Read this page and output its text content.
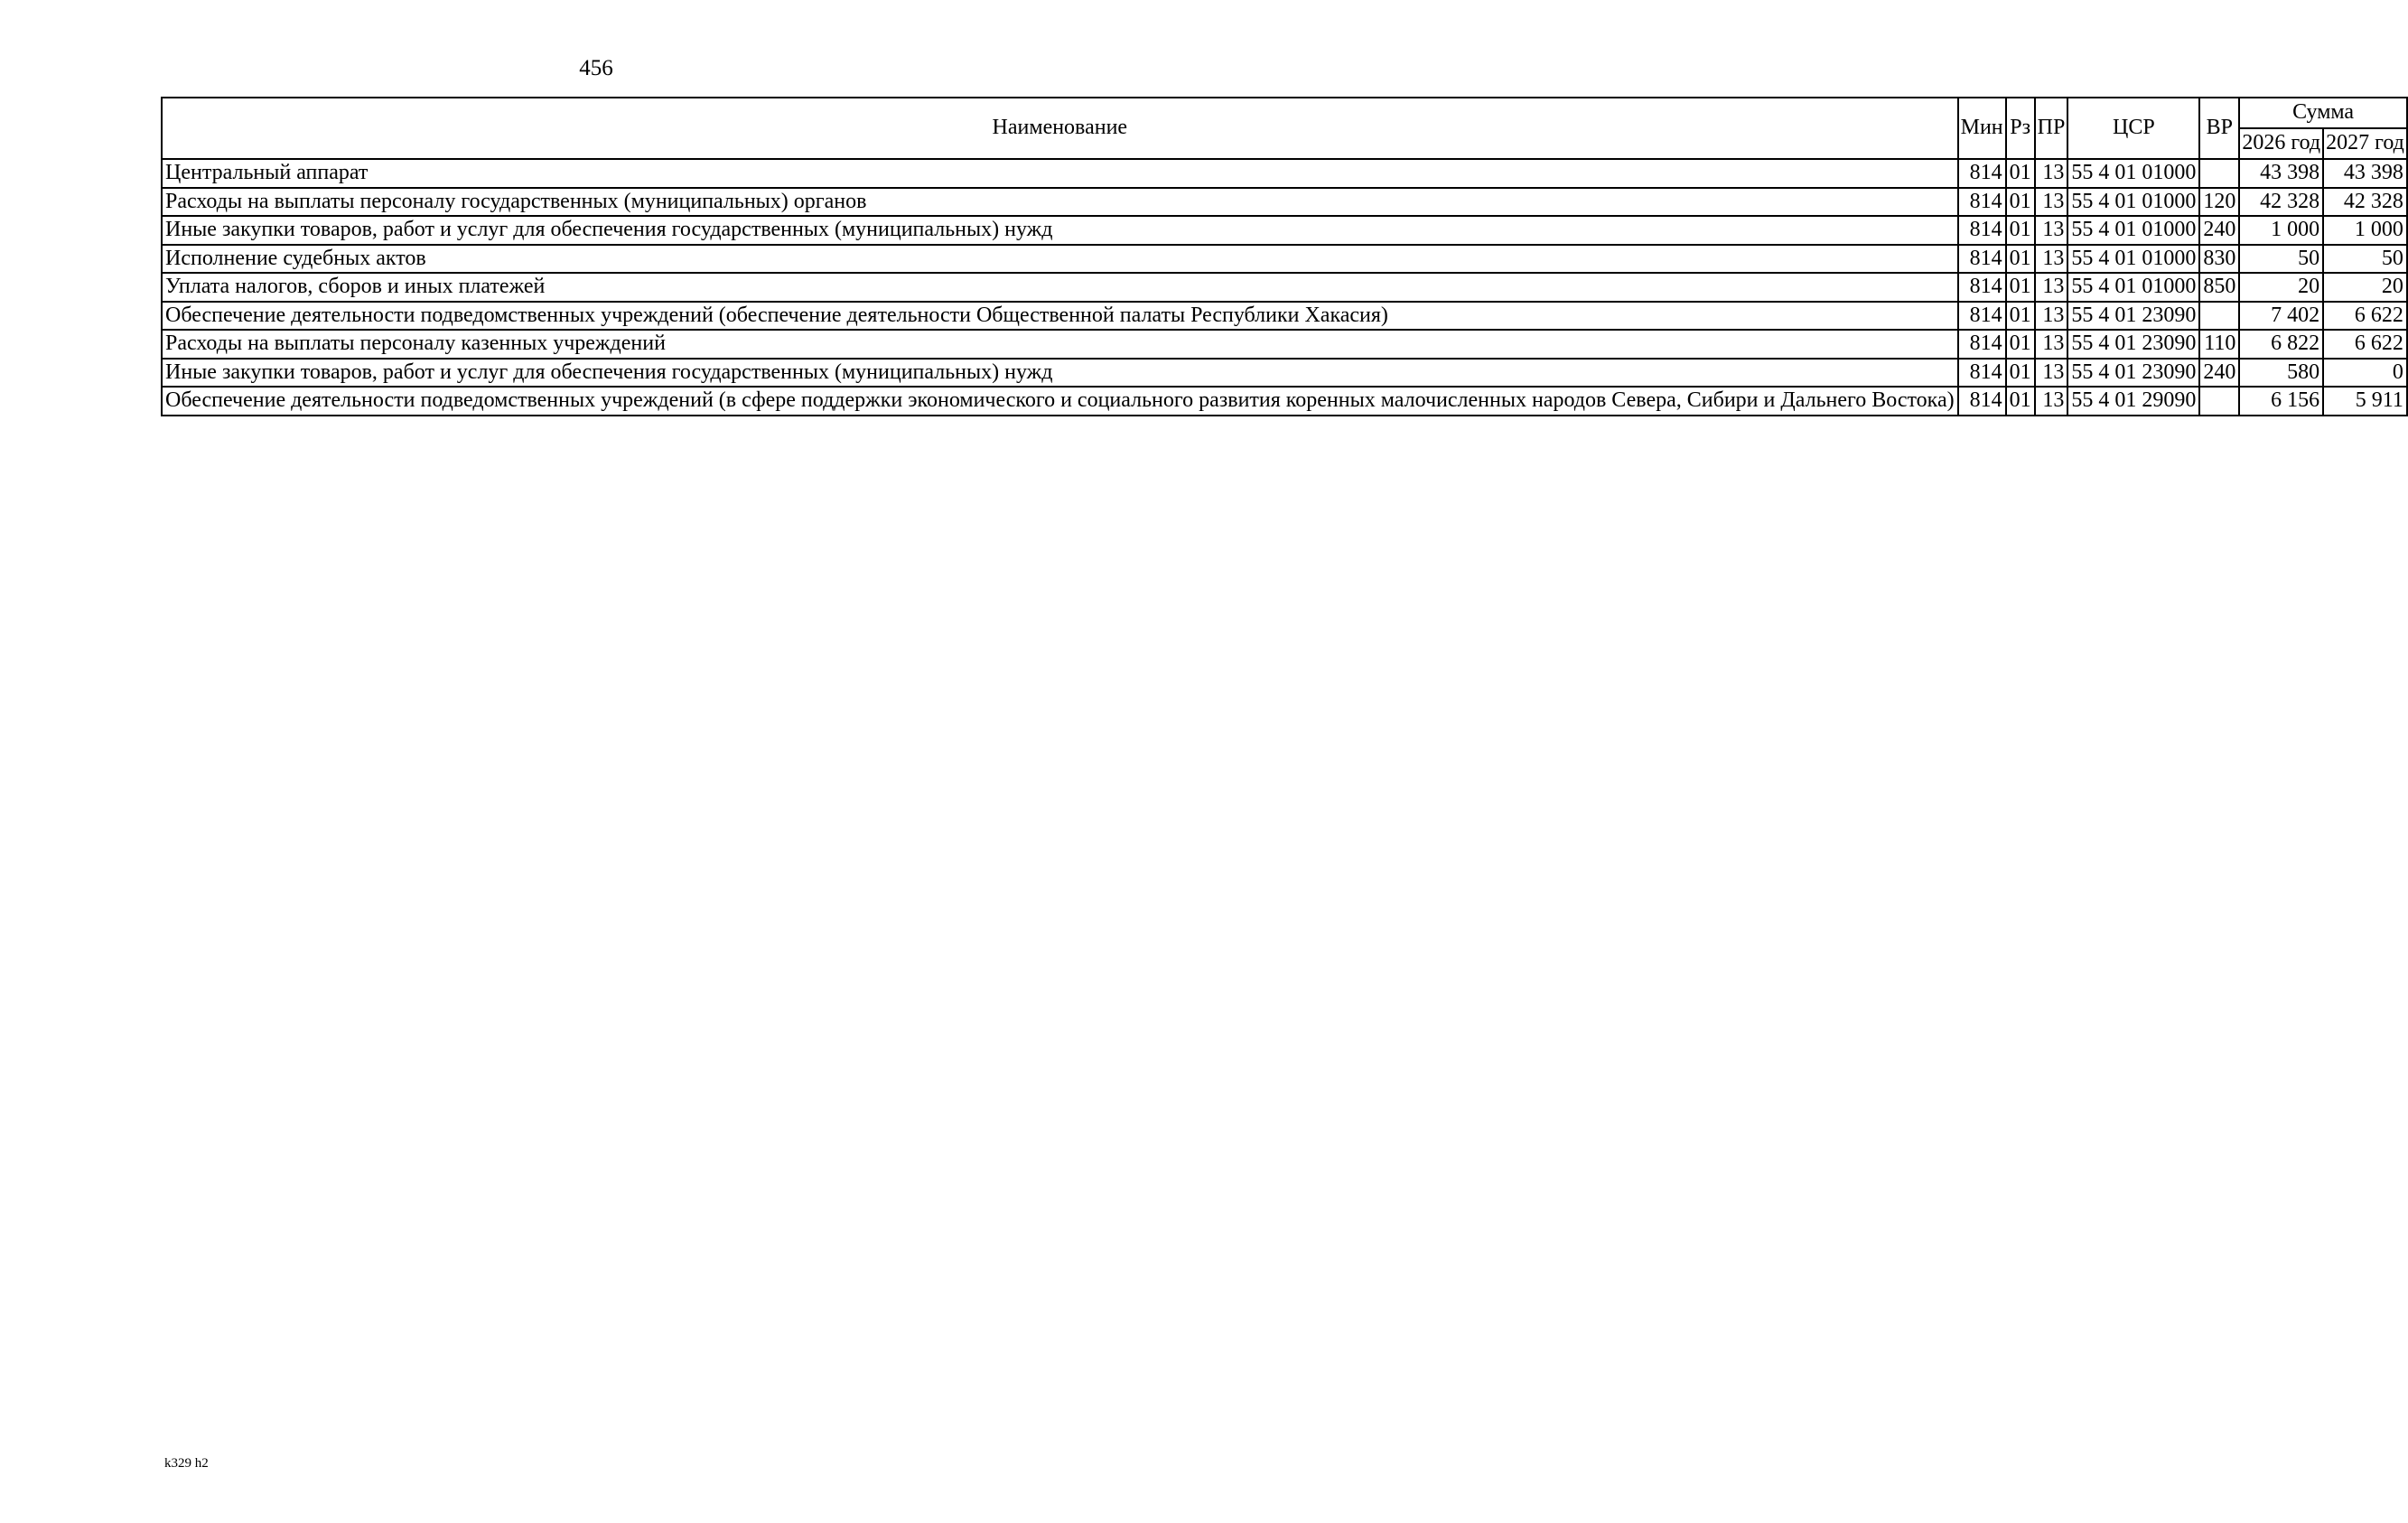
456
Наименование	Мин	Рз	ПР	ЦСР	ВР	Сумма	
						2026 год	2027 год
Центральный аппарат	814	01	13	55 4 01 01000		43 398	43 398
Расходы на выплаты персоналу государственных (муниципальных) органов	814	01	13	55 4 01 01000	120	42 328	42 328
Иные закупки товаров, работ и услуг для обеспечения государственных (муниципальных) нужд	814	01	13	55 4 01 01000	240	1 000	1 000
Исполнение судебных актов	814	01	13	55 4 01 01000	830	50	50
Уплата налогов, сборов и иных платежей	814	01	13	55 4 01 01000	850	20	20
Обеспечение деятельности подведомственных учреждений (обеспечение деятельности Общественной палаты Республики Хакасия)	814	01	13	55 4 01 23090		7 402	6 622
Расходы на выплаты персоналу казенных учреждений	814	01	13	55 4 01 23090	110	6 822	6 622
Иные закупки товаров, работ и услуг для обеспечения государственных (муниципальных) нужд	814	01	13	55 4 01 23090	240	580	0
Обеспечение деятельности подведомственных учреждений (в сфере поддержки экономического и социального развития коренных малочисленных народов Севера, Сибири и Дальнего Востока)	814	01	13	55 4 01 29090		6 156	5 911
k329 h2
